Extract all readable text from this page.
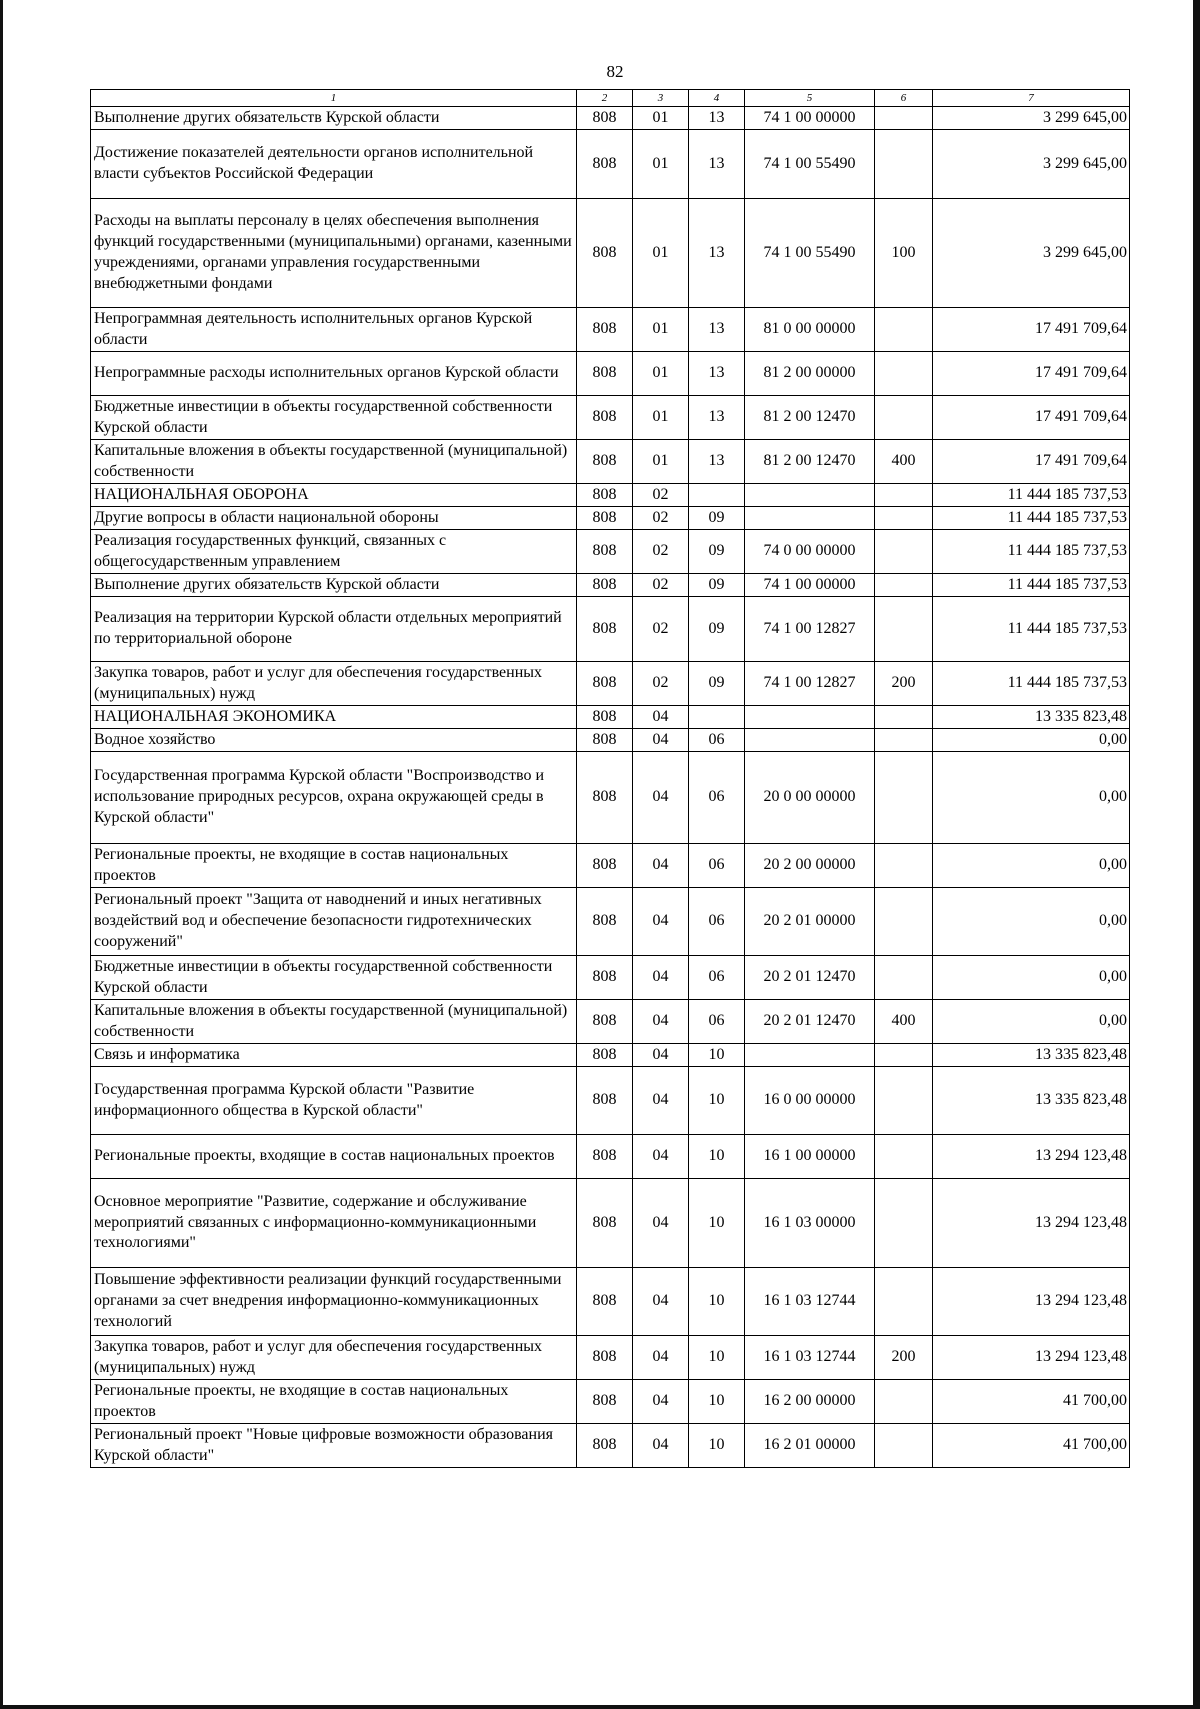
82
1	2	3	4	5	6	7
Выполнение других обязательств Курской области	808	01	13	74 1 00 00000		3 299 645,00
Достижение показателей деятельности органов исполнительной власти субъектов Российской Федерации	808	01	13	74 1 00 55490		3 299 645,00
Расходы на выплаты персоналу в целях обеспечения выполнения функций государственными (муниципальными) органами, казенными учреждениями, органами управления государственными внебюджетными фондами	808	01	13	74 1 00 55490	100	3 299 645,00
Непрограммная деятельность исполнительных органов Курской области	808	01	13	81 0 00 00000		17 491 709,64
Непрограммные расходы исполнительных органов Курской области	808	01	13	81 2 00 00000		17 491 709,64
Бюджетные инвестиции в объекты государственной собственности Курской области	808	01	13	81 2 00 12470		17 491 709,64
Капитальные вложения в объекты государственной (муниципальной) собственности	808	01	13	81 2 00 12470	400	17 491 709,64
НАЦИОНАЛЬНАЯ ОБОРОНА	808	02				11 444 185 737,53
Другие вопросы в области национальной обороны	808	02	09			11 444 185 737,53
Реализация государственных функций, связанных с общегосударственным управлением	808	02	09	74 0 00 00000		11 444 185 737,53
Выполнение других обязательств Курской области	808	02	09	74 1 00 00000		11 444 185 737,53
Реализация на территории Курской области отдельных мероприятий по территориальной обороне	808	02	09	74 1 00 12827		11 444 185 737,53
Закупка товаров, работ и услуг для обеспечения государственных (муниципальных) нужд	808	02	09	74 1 00 12827	200	11 444 185 737,53
НАЦИОНАЛЬНАЯ ЭКОНОМИКА	808	04				13 335 823,48
Водное хозяйство	808	04	06			0,00
Государственная программа Курской области "Воспроизводство и использование природных ресурсов, охрана окружающей среды в Курской области"	808	04	06	20 0 00 00000		0,00
Региональные проекты, не входящие в состав национальных проектов	808	04	06	20 2 00 00000		0,00
Региональный проект "Защита от наводнений и иных негативных воздействий вод и обеспечение безопасности гидротехнических сооружений"	808	04	06	20 2 01 00000		0,00
Бюджетные инвестиции в объекты государственной собственности Курской области	808	04	06	20 2 01 12470		0,00
Капитальные вложения в объекты государственной (муниципальной) собственности	808	04	06	20 2 01 12470	400	0,00
Связь и информатика	808	04	10			13 335 823,48
Государственная программа Курской области "Развитие информационного общества в Курской области"	808	04	10	16 0 00 00000		13 335 823,48
Региональные проекты, входящие в состав национальных проектов	808	04	10	16 1 00 00000		13 294 123,48
Основное мероприятие "Развитие, содержание и обслуживание мероприятий связанных с информационно-коммуникационными технологиями"	808	04	10	16 1 03 00000		13 294 123,48
Повышение эффективности реализации функций государственными органами за счет внедрения информационно-коммуникационных технологий	808	04	10	16 1 03 12744		13 294 123,48
Закупка товаров, работ и услуг для обеспечения государственных (муниципальных) нужд	808	04	10	16 1 03 12744	200	13 294 123,48
Региональные проекты, не входящие в состав национальных проектов	808	04	10	16 2 00 00000		41 700,00
Региональный проект "Новые цифровые возможности образования Курской области"	808	04	10	16 2 01 00000		41 700,00
